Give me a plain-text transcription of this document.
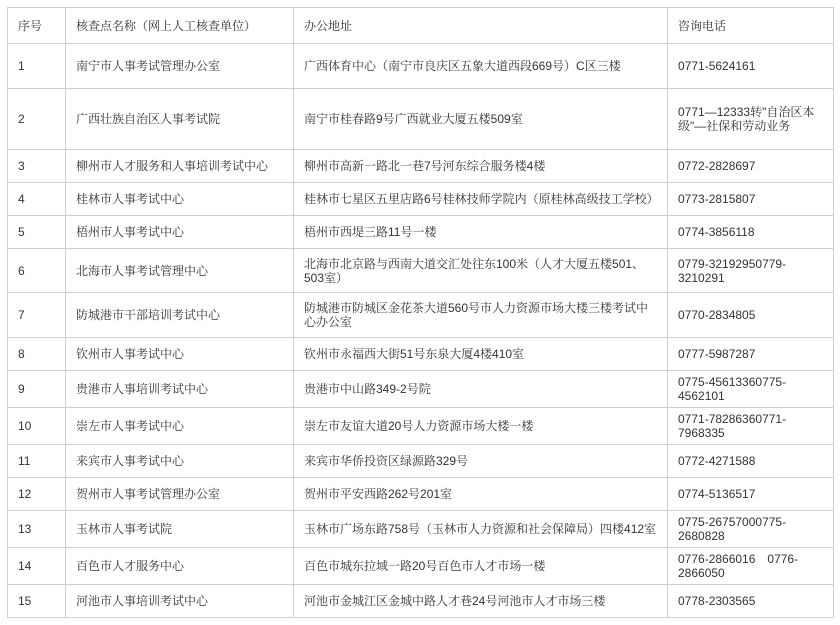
序号	核查点名称（网上人工核查单位）	办公地址	咨询电话
1	南宁市人事考试管理办公室	广西体育中心（南宁市良庆区五象大道西段669号）C区三楼	0771-5624161
2	广西壮族自治区人事考试院	南宁市桂春路9号广西就业大厦五楼509室	0771—12333转"自治区本级"—社保和劳动业务
3	柳州市人才服务和人事培训考试中心	柳州市高新一路北一巷7号河东综合服务楼4楼	0772-2828697
4	桂林市人事考试中心	桂林市七星区五里店路6号桂林技师学院内（原桂林高级技工学校）	0773-2815807
5	梧州市人事考试中心	梧州市西堤三路11号一楼	0774-3856118
6	北海市人事考试管理中心	北海市北京路与西南大道交汇处往东100米（人才大厦五楼501、503室）	0779-32192950779-3210291
7	防城港市干部培训考试中心	防城港市防城区金花茶大道560号市人力资源市场大楼三楼考试中心办公室	0770-2834805
8	钦州市人事考试中心	钦州市永福西大街51号东泉大厦4楼410室	0777-5987287
9	贵港市人事培训考试中心	贵港市中山路349-2号院	0775-45613360775-4562101
10	崇左市人事考试中心	崇左市友谊大道20号人力资源市场大楼一楼	0771-78286360771-7968335
11	来宾市人事考试中心	来宾市华侨投资区绿源路329号	0772-4271588
12	贺州市人事考试管理办公室	贺州市平安西路262号201室	0774-5136517
13	玉林市人事考试院	玉林市广场东路758号（玉林市人力资源和社会保障局）四楼412室	0775-26757000775-2680828
14	百色市人才服务中心	百色市城东拉域一路20号百色市人才市场一楼	0776-2866016　0776-2866050
15	河池市人事培训考试中心	河池市金城江区金城中路人才巷24号河池市人才市场三楼	0778-2303565
